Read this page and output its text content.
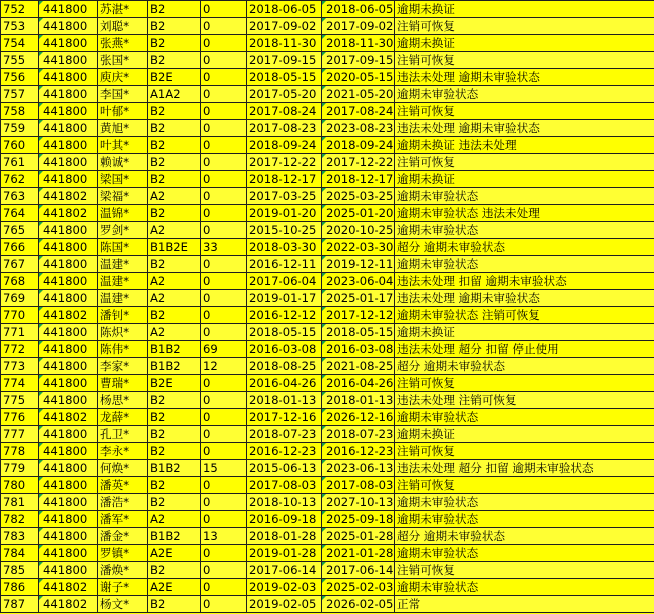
752	441800	苏湛*	B2	0	2018-06-05	2018-06-05	逾期未换证
753	441800	刘聪*	B2	0	2017-09-02	2017-09-02	注销可恢复
754	441800	张燕*	B2	0	2018-11-30	2018-11-30	逾期未换证
755	441800	张国*	B2	0	2017-09-15	2017-09-15	注销可恢复
756	441800	庾庆*	B2E	0	2018-05-15	2020-05-15	违法未处理 逾期未审验状态
757	441800	李国*	A1A2	0	2017-05-20	2021-05-20	逾期未审验状态
758	441800	叶郁*	B2	0	2017-08-24	2017-08-24	注销可恢复
759	441800	黄旭*	B2	0	2017-08-23	2023-08-23	违法未处理 逾期未审验状态
760	441800	叶其*	B2	0	2018-09-24	2018-09-24	逾期未换证 违法未处理
761	441800	赖诚*	B2	0	2017-12-22	2017-12-22	注销可恢复
762	441800	梁国*	B2	0	2018-12-17	2018-12-17	逾期未换证
763	441802	梁福*	A2	0	2017-03-25	2025-03-25	逾期未审验状态
764	441802	温锦*	B2	0	2019-01-20	2025-01-20	逾期未审验状态 违法未处理
765	441800	罗剑*	A2	0	2015-10-25	2020-10-25	逾期未审验状态
766	441800	陈国*	B1B2E	33	2018-03-30	2022-03-30	超分 逾期未审验状态
767	441800	温建*	B2	0	2016-12-11	2019-12-11	逾期未审验状态
768	441800	温建*	A2	0	2017-06-04	2023-06-04	违法未处理 扣留 逾期未审验状态
769	441800	温建*	A2	0	2019-01-17	2025-01-17	违法未处理 逾期未审验状态
770	441802	潘钊*	B2	0	2016-12-12	2017-12-12	逾期未审验状态 注销可恢复
771	441800	陈炽*	A2	0	2018-05-15	2018-05-15	逾期未换证
772	441800	陈伟*	B1B2	69	2016-03-08	2016-03-08	违法未处理 超分 扣留 停止使用
773	441800	李家*	B1B2	12	2018-08-25	2021-08-25	超分 逾期未审验状态
774	441800	曹瑞*	B2E	0	2016-04-26	2016-04-26	注销可恢复
775	441800	杨思*	B2	0	2018-01-13	2018-01-13	违法未处理 注销可恢复
776	441802	龙薛*	B2	0	2017-12-16	2026-12-16	逾期未审验状态
777	441800	孔卫*	B2	0	2018-07-23	2018-07-23	逾期未换证
778	441800	李永*	B2	0	2016-12-23	2016-12-23	注销可恢复
779	441800	何焕*	B1B2	15	2015-06-13	2023-06-13	违法未处理 超分 扣留 逾期未审验状态
780	441800	潘英*	B2	0	2017-08-03	2017-08-03	注销可恢复
781	441800	潘浩*	B2	0	2018-10-13	2027-10-13	逾期未审验状态
782	441800	潘军*	A2	0	2016-09-18	2025-09-18	逾期未审验状态
783	441800	潘金*	B1B2	13	2018-01-28	2025-01-28	超分 逾期未审验状态
784	441800	罗镇*	A2E	0	2019-01-28	2021-01-28	逾期未审验状态
785	441800	潘焕*	B2	0	2017-06-14	2017-06-14	注销可恢复
786	441802	谢子*	A2E	0	2019-02-03	2025-02-03	逾期未审验状态
787	441802	杨文*	B2	0	2019-02-05	2026-02-05	正常
